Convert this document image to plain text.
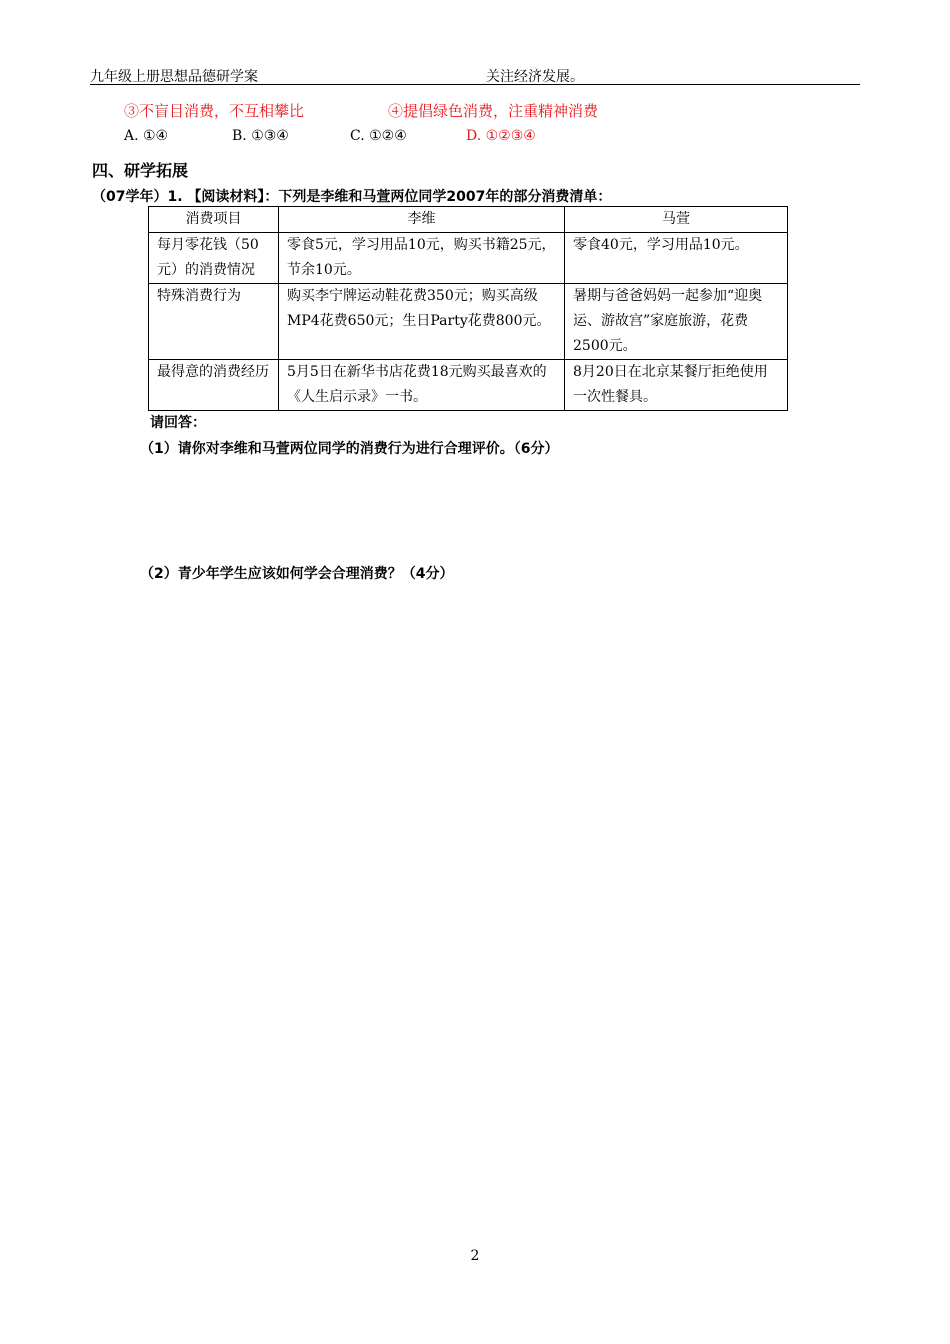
九年级上册思想品德研学案	关注经济发展。
③不盲目消费，不互相攀比	④提倡绿色消费，注重精神消费
A. ①④	B. ①③④	C. ①②④	D. ①②③④
四、研学拓展
（07学年）1. 【阅读材料】：下列是李维和马萱两位同学2007年的部分消费清单：
消费项目	李维	马萱
每月零花钱（50元）的消费情况	零食5元，学习用品10元，购买书籍25元，节余10元。	零食40元，学习用品10元。
特殊消费行为	购买李宁牌运动鞋花费350元；购买高级MP4花费650元；生日Party花费800元。	暑期与爸爸妈妈一起参加“迎奥运、游故宫”家庭旅游，花费2500元。
最得意的消费经历	5月5日在新华书店花费18元购买最喜欢的《人生启示录》一书。	8月20日在北京某餐厅拒绝使用一次性餐具。
请回答：
（1）请你对李维和马萱两位同学的消费行为进行合理评价。（6分）
（2）青少年学生应该如何学会合理消费？（4分）
2
